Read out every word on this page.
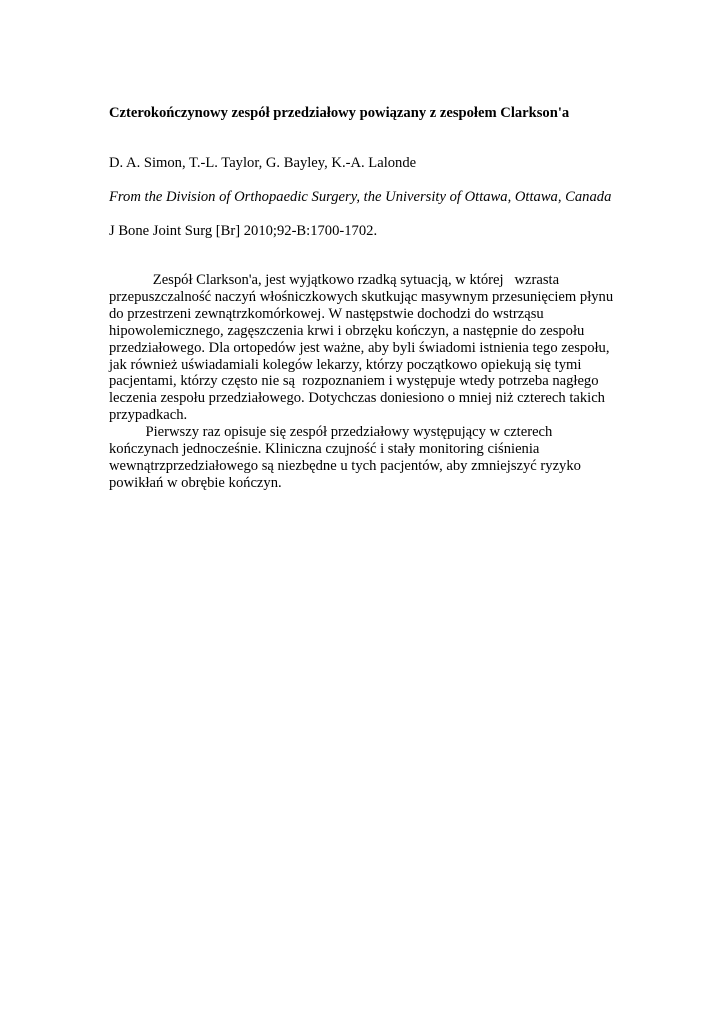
Czterokończynowy zespół przedziałowy powiązany z zespołem Clarkson'a

D. A. Simon, T.-L. Taylor, G. Bayley, K.-A. Lalonde

From the Division of Orthopaedic Surgery, the University of Ottawa, Ottawa, Canada

J Bone Joint Surg [Br] 2010;92-B:1700-1702.

Zespół Clarkson'a, jest wyjątkowo rzadką sytuacją, w której   wzrasta
przepuszczalność naczyń włośniczkowych skutkując masywnym przesunięciem płynu
do przestrzeni zewnątrzkomórkowej. W następstwie dochodzi do wstrząsu
hipowolemicznego, zagęszczenia krwi i obrzęku kończyn, a następnie do zespołu
przedziałowego. Dla ortopedów jest ważne, aby byli świadomi istnienia tego zespołu,
jak również uświadamiali kolegów lekarzy, którzy początkowo opiekują się tymi
pacjentami, którzy często nie są  rozpoznaniem i występuje wtedy potrzeba nagłego
leczenia zespołu przedziałowego. Dotychczas doniesiono o mniej niż czterech takich
przypadkach.
Pierwszy raz opisuje się zespół przedziałowy występujący w czterech
kończynach jednocześnie. Kliniczna czujność i stały monitoring ciśnienia
wewnątrzprzedziałowego są niezbędne u tych pacjentów, aby zmniejszyć ryzyko
powikłań w obrębie kończyn.
